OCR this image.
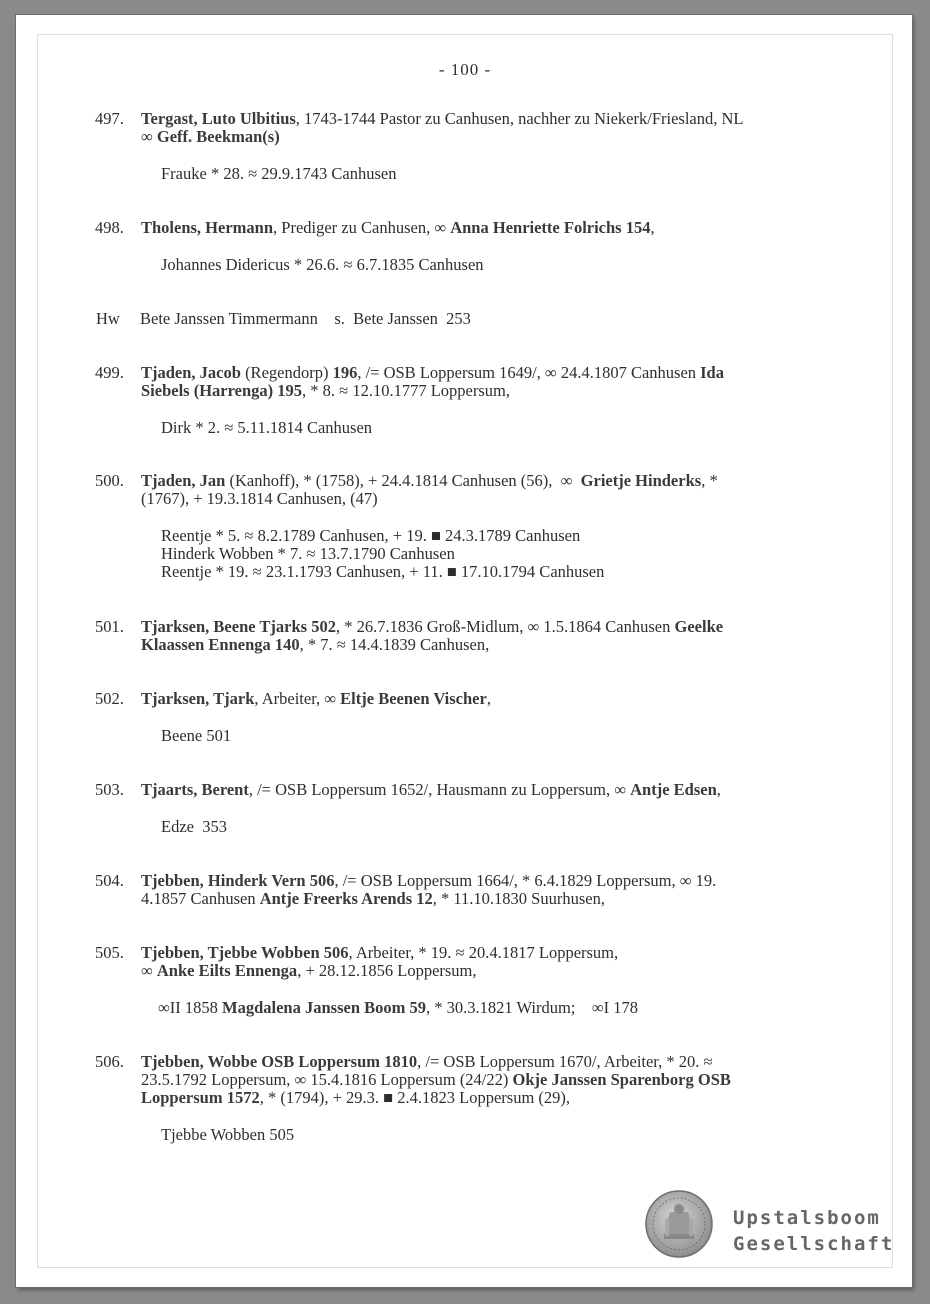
- 100 -
497. Tergast, Luto Ulbitius, 1743-1744 Pastor zu Canhusen, nachher zu Niekerk/Friesland, NL
∞ Geff. Beekman(s)
Frauke * 28. ≈ 29.9.1743 Canhusen
498. Tholens, Hermann, Prediger zu Canhusen, ∞ Anna Henriette Folrichs 154,
Johannes Didericus * 26.6. ≈ 6.7.1835 Canhusen
Hw Bete Janssen Timmermann    s.  Bete Janssen  253
499. Tjaden, Jacob (Regendorp) 196, /= OSB Loppersum 1649/, ∞ 24.4.1807 Canhusen Ida
Siebels (Harrenga) 195, * 8. ≈ 12.10.1777 Loppersum,
Dirk * 2. ≈ 5.11.1814 Canhusen
500. Tjaden, Jan (Kanhoff), * (1758), + 24.4.1814 Canhusen (56),  ∞  Grietje Hinderks, *
(1767), + 19.3.1814 Canhusen, (47)
Reentje * 5. ≈ 8.2.1789 Canhusen, + 19. ■ 24.3.1789 Canhusen
Hinderk Wobben * 7. ≈ 13.7.1790 Canhusen
Reentje * 19. ≈ 23.1.1793 Canhusen, + 11. ■ 17.10.1794 Canhusen
501. Tjarksen, Beene Tjarks 502, * 26.7.1836 Groß-Midlum, ∞ 1.5.1864 Canhusen Geelke
Klaassen Ennenga 140, * 7. ≈ 14.4.1839 Canhusen,
502. Tjarksen, Tjark, Arbeiter, ∞ Eltje Beenen Vischer,
Beene 501
503. Tjaarts, Berent, /= OSB Loppersum 1652/, Hausmann zu Loppersum, ∞ Antje Edsen,
Edze  353
504. Tjebben, Hinderk Vern 506, /= OSB Loppersum 1664/, * 6.4.1829 Loppersum, ∞ 19.
4.1857 Canhusen Antje Freerks Arends 12, * 11.10.1830 Suurhusen,
505. Tjebben, Tjebbe Wobben 506, Arbeiter, * 19. ≈ 20.4.1817 Loppersum,
∞ Anke Eilts Ennenga, + 28.12.1856 Loppersum,
∞II 1858 Magdalena Janssen Boom 59, * 30.3.1821 Wirdum;    ∞I 178
506. Tjebben, Wobbe OSB Loppersum 1810, /= OSB Loppersum 1670/, Arbeiter, * 20. ≈
23.5.1792 Loppersum, ∞ 15.4.1816 Loppersum (24/22) Okje Janssen Sparenborg OSB
Loppersum 1572, * (1794), + 29.3. ■ 2.4.1823 Loppersum (29),
Tjebbe Wobben 505
Upstalsboom
Gesellschaft
